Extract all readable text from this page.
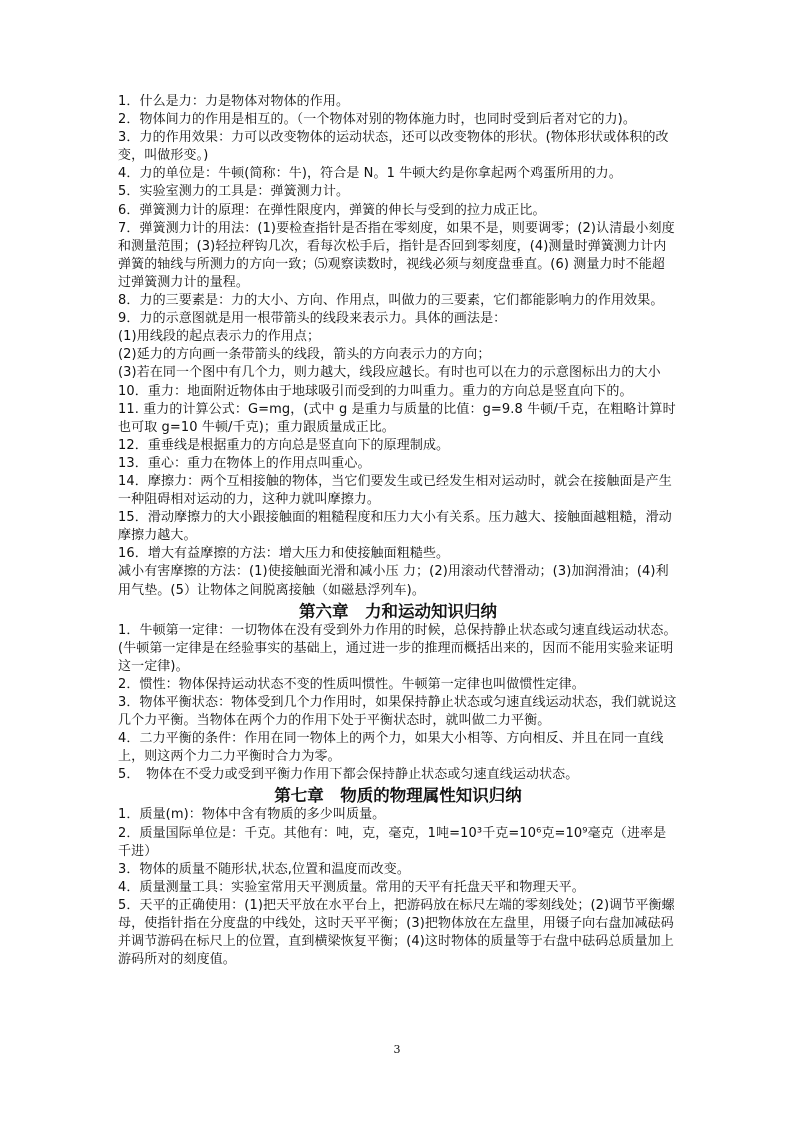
1．什么是力：力是物体对物体的作用。

2．物体间力的作用是相互的。（一个物体对别的物体施力时，也同时受到后者对它的力)。

3．力的作用效果：力可以改变物体的运动状态，还可以改变物体的形状。(物体形状或体积的改变，叫做形变。)

4．力的单位是：牛顿(简称：牛)，符合是 N。1 牛顿大约是你拿起两个鸡蛋所用的力。

5．实验室测力的工具是：弹簧测力计。

6．弹簧测力计的原理：在弹性限度内，弹簧的伸长与受到的拉力成正比。

7．弹簧测力计的用法：(1)要检查指针是否指在零刻度，如果不是，则要调零；(2)认清最小刻度和测量范围；(3)轻拉秤钩几次，看每次松手后，指针是否回到零刻度，(4)测量时弹簧测力计内弹簧的轴线与所测力的方向一致；⑸观察读数时，视线必须与刻度盘垂直。(6) 测量力时不能超过弹簧测力计的量程。

8．力的三要素是：力的大小、方向、作用点，叫做力的三要素，它们都能影响力的作用效果。

9．力的示意图就是用一根带箭头的线段来表示力。具体的画法是：

(1)用线段的起点表示力的作用点；

(2)延力的方向画一条带箭头的线段，箭头的方向表示力的方向；

(3)若在同一个图中有几个力，则力越大，线段应越长。有时也可以在力的示意图标出力的大小

10．重力：地面附近物体由于地球吸引而受到的力叫重力。重力的方向总是竖直向下的。

11. 重力的计算公式：G=mg，(式中 g 是重力与质量的比值：g=9.8 牛顿/千克，在粗略计算时也可取 g=10 牛顿/千克)；重力跟质量成正比。

12．重垂线是根据重力的方向总是竖直向下的原理制成。

13．重心：重力在物体上的作用点叫重心。

14．摩擦力：两个互相接触的物体，当它们要发生或已经发生相对运动时，就会在接触面是产生一种阻碍相对运动的力，这种力就叫摩擦力。

15．滑动摩擦力的大小跟接触面的粗糙程度和压力大小有关系。压力越大、接触面越粗糙，滑动摩擦力越大。

16．增大有益摩擦的方法：增大压力和使接触面粗糙些。

减小有害摩擦的方法：(1)使接触面光滑和减小压 力；(2)用滚动代替滑动；(3)加润滑油；(4)利用气垫。(5）让物体之间脱离接触（如磁悬浮列车)。

第六章　力和运动知识归纳

1．牛顿第一定律：一切物体在没有受到外力作用的时候，总保持静止状态或匀速直线运动状态。(牛顿第一定律是在经验事实的基础上，通过进一步的推理而概括出来的，因而不能用实验来证明这一定律)。

2．惯性：物体保持运动状态不变的性质叫惯性。牛顿第一定律也叫做惯性定律。

3．物体平衡状态：物体受到几个力作用时，如果保持静止状态或匀速直线运动状态，我们就说这几个力平衡。当物体在两个力的作用下处于平衡状态时，就叫做二力平衡。

4．二力平衡的条件：作用在同一物体上的两个力，如果大小相等、方向相反、并且在同一直线上，则这两个力二力平衡时合力为零。

5．　物体在不受力或受到平衡力作用下都会保持静止状态或匀速直线运动状态。

第七章　物质的物理属性知识归纳

1．质量(m)：物体中含有物质的多少叫质量。

2．质量国际单位是：千克。其他有：吨，克，毫克，1吨=10³千克=10⁶克=10⁹毫克（进率是千进）

3．物体的质量不随形状,状态,位置和温度而改变。

4．质量测量工具：实验室常用天平测质量。常用的天平有托盘天平和物理天平。

5．天平的正确使用：(1)把天平放在水平台上，把游码放在标尺左端的零刻线处；(2)调节平衡螺母，使指针指在分度盘的中线处，这时天平平衡；(3)把物体放在左盘里，用镊子向右盘加减砝码并调节游码在标尺上的位置，直到横梁恢复平衡；(4)这时物体的质量等于右盘中砝码总质量加上游码所对的刻度值。

3
